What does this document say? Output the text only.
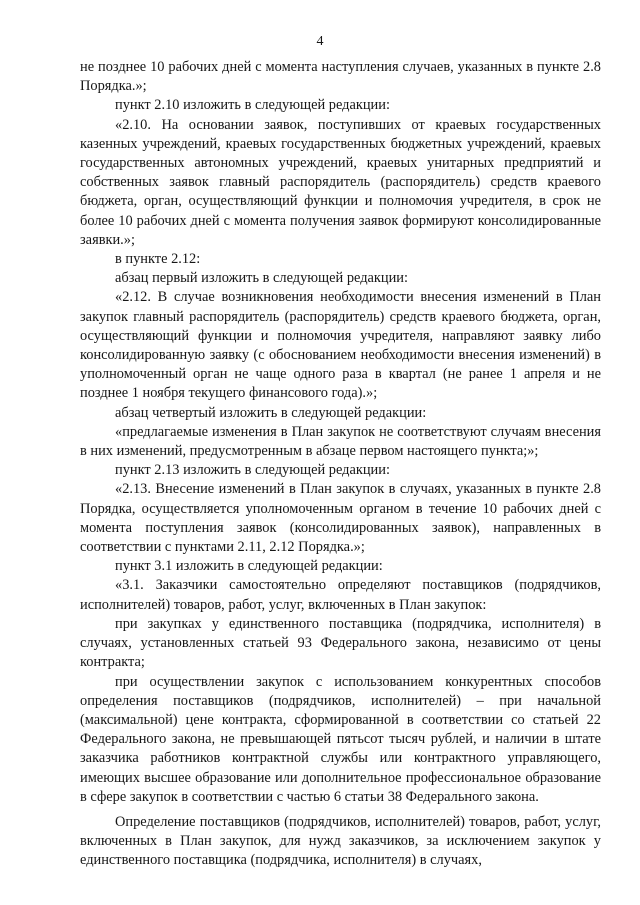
4

не позднее 10 рабочих дней с момента наступления случаев, указанных в пункте 2.8 Порядка.»;

пункт 2.10 изложить в следующей редакции:

«2.10. На основании заявок, поступивших от краевых государственных казенных учреждений, краевых государственных бюджетных учреждений, краевых государственных автономных учреждений, краевых унитарных предприятий и собственных заявок главный распорядитель (распорядитель) средств краевого бюджета, орган, осуществляющий функции и полномочия учредителя, в срок не более 10 рабочих дней с момента получения заявок формируют консолидированные заявки.»;

в пункте 2.12:

абзац первый изложить в следующей редакции:

«2.12. В случае возникновения необходимости внесения изменений в План закупок главный распорядитель (распорядитель) средств краевого бюджета, орган, осуществляющий функции и полномочия учредителя, направляют заявку либо консолидированную заявку (с обоснованием необходимости внесения изменений) в уполномоченный орган не чаще одного раза в квартал (не ранее 1 апреля и не позднее 1 ноября текущего финансового года).»;

абзац четвертый изложить в следующей редакции:

«предлагаемые изменения в План закупок не соответствуют случаям внесения в них изменений, предусмотренным в абзаце первом настоящего пункта;»;

пункт 2.13 изложить в следующей редакции:

«2.13. Внесение изменений в План закупок в случаях, указанных в пункте 2.8 Порядка, осуществляется уполномоченным органом в течение 10 рабочих дней с момента поступления заявок (консолидированных заявок), направленных в соответствии с пунктами 2.11, 2.12 Порядка.»;

пункт 3.1 изложить в следующей редакции:

«3.1. Заказчики самостоятельно определяют поставщиков (подрядчиков, исполнителей) товаров, работ, услуг, включенных в План закупок:

при закупках у единственного поставщика (подрядчика, исполнителя) в случаях, установленных статьей 93 Федерального закона, независимо от цены контракта;

при осуществлении закупок с использованием конкурентных способов определения поставщиков (подрядчиков, исполнителей) – при начальной (максимальной) цене контракта, сформированной в соответствии со статьей 22 Федерального закона, не превышающей пятьсот тысяч рублей, и наличии в штате заказчика работников контрактной службы или контрактного управляющего, имеющих высшее образование или дополнительное профессиональное образование в сфере закупок в соответствии с частью 6 статьи 38 Федерального закона.

Определение поставщиков (подрядчиков, исполнителей) товаров, работ, услуг, включенных в План закупок, для нужд заказчиков, за исключением закупок у единственного поставщика (подрядчика, исполнителя) в случаях,
